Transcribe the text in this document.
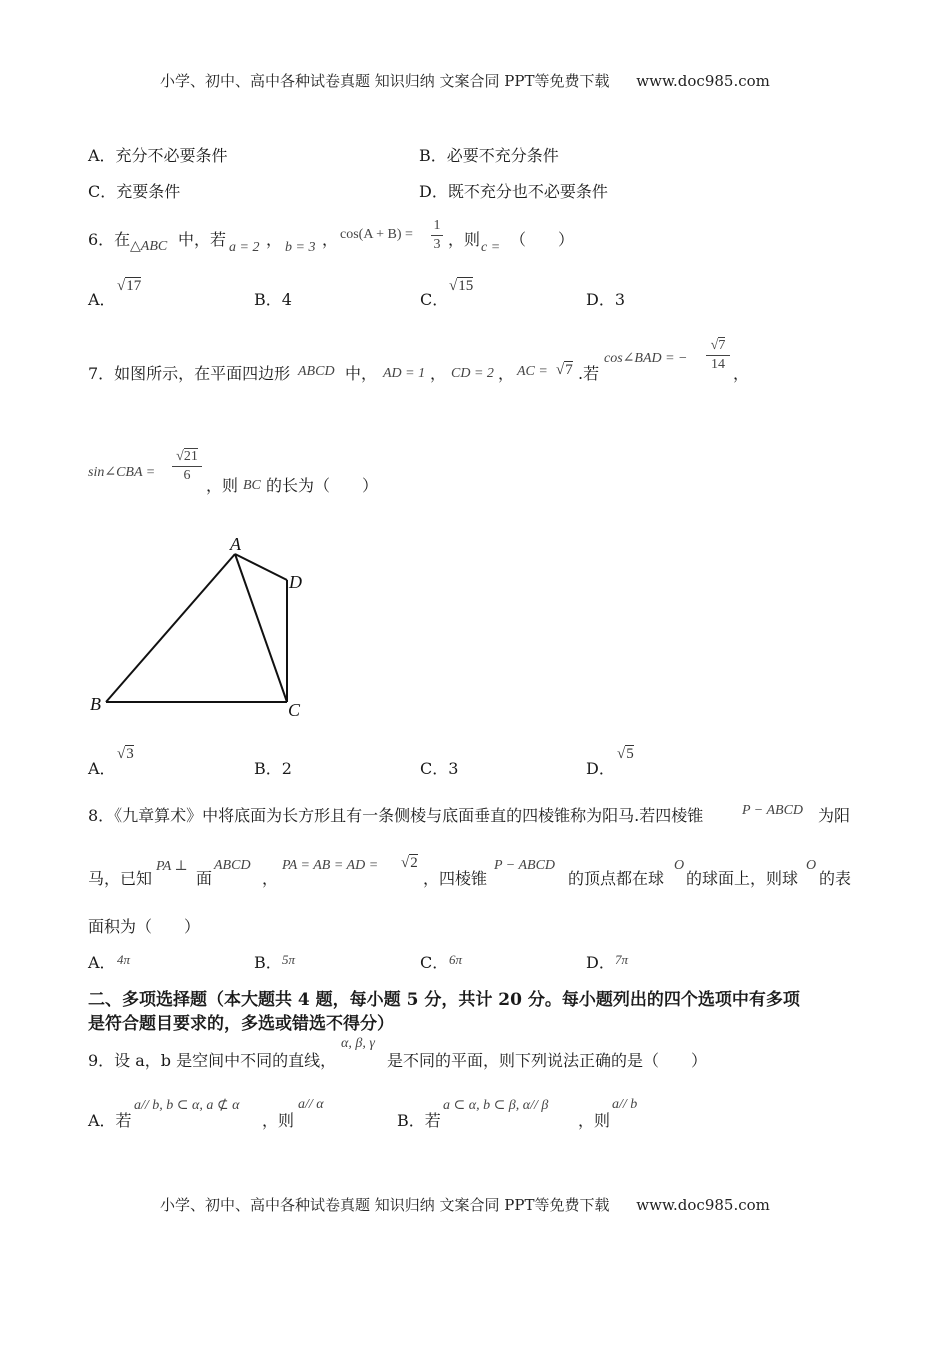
小学、初中、高中各种试卷真题 知识归纳 文案合同 PPT等免费下载 www.doc985.com
A．充分不必要条件	B．必要不充分条件
C．充要条件	D．既不充分也不必要条件
6．在 △ABC 中，若 a = 2 ， b = 3 ， cos(A + B) =
1
3 ，则 c = （　　）
A．
√17
B．4	C．
√15
D．3
7．如图所示，在平面四边形 ABCD 中， AD = 1 ， CD = 2 ， AC = √7 .若
cos∠BAD = −
√7
14 ，
sin∠CBA =
√21
6
，则 BC 的长为（　　）
A
B	C
D
A．
√3
B．2	C．3	D．
√5
8．《九章算术》中将底面为长方形且有一条侧棱与底面垂直的四棱锥称为阳马.若四棱锥	P − ABCD 为阳
马，已知
PA ⊥
面
ABCD
，
PA = AB = AD = √2
，四棱锥
P − ABCD
的顶点都在球
O
的球面上，则球
O
的表
面积为（　　）
A． 4π	B． 5π	C． 6π	D． 7π
二、多项选择题（本大题共 4 题，每小题 5 分，共计 20 分。每小题列出的四个选项中有多项
是符合题目要求的，多选或错选不得分）
9．设 a，b 是空间中不同的直线，
α, β, γ
是不同的平面，则下列说法正确的是（　　）
A．若
a// b, b ⊂ α, a ⊄ α
，则
a// α
B．若
a ⊂ α, b ⊂ β, α// β
，则
a// b
小学、初中、高中各种试卷真题 知识归纳 文案合同 PPT等免费下载 www.doc985.com
